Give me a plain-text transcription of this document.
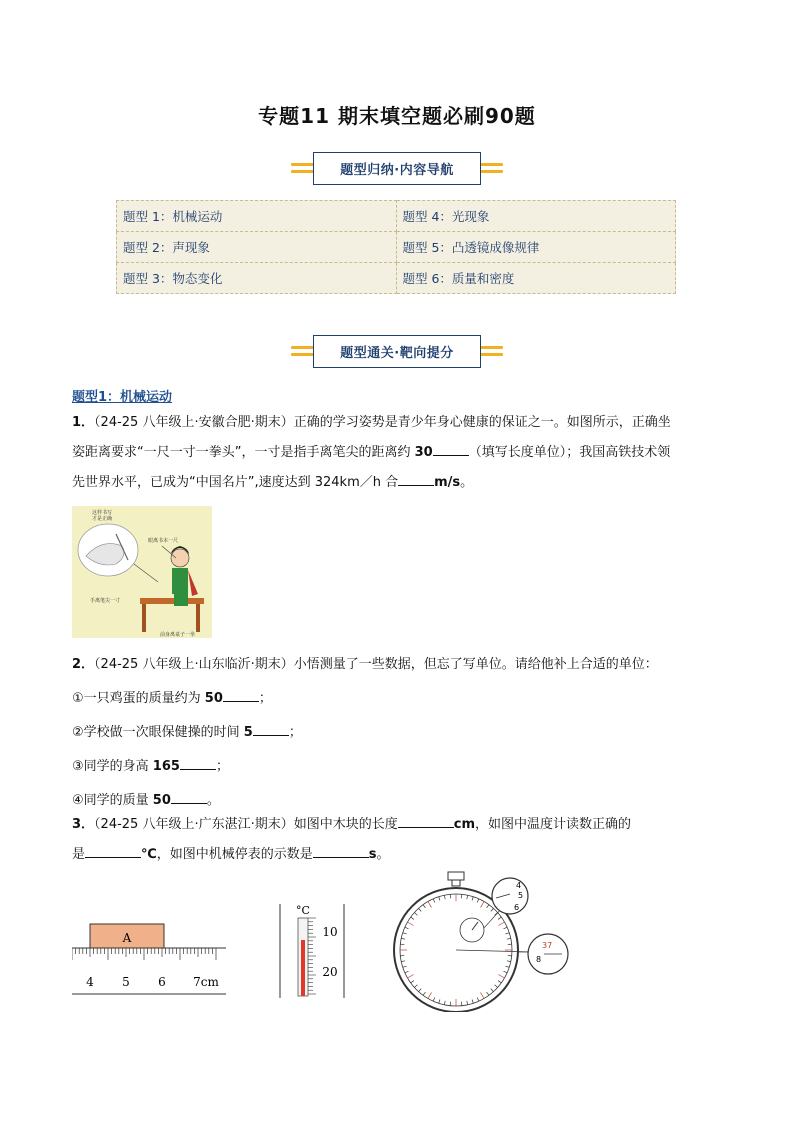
专题11 期末填空题必刷90题
题型归纳·内容导航
题型 1：机械运动	题型 4：光现象
题型 2：声现象	题型 5：凸透镜成像规律
题型 3：物态变化	题型 6：质量和密度
题型通关·靶向提分
题型1：机械运动
1．（24-25 八年级上·安徽合肥·期末）正确的学习姿势是青少年身心健康的保证之一。如图所示，正确坐
姿距离要求“一尺一寸一拳头”，一寸是指手离笔尖的距离约 30	（填写长度单位）；我国高铁技术领
先世界水平，已成为“中国名片”,速度达到 324km／h 合	m/s。
这样书写
才是正确
眼离书本一尺
手离笔尖一寸
前身离桌子一拳
2．（24-25 八年级上·山东临沂·期末）小悟测量了一些数据，但忘了写单位。请给他补上合适的单位：
①一只鸡蛋的质量约为 50	；
②学校做一次眼保健操的时间 5	；
③同学的身高 165	；
④同学的质量 50	。
3．（24-25 八年级上·广东湛江·期末）如图中木块的长度	cm，如图中温度计读数正确的
是	℃，如图中机械停表的示数是	s。
A
4 5 6 7cm
°C
10
20
4
5
6
37
8
